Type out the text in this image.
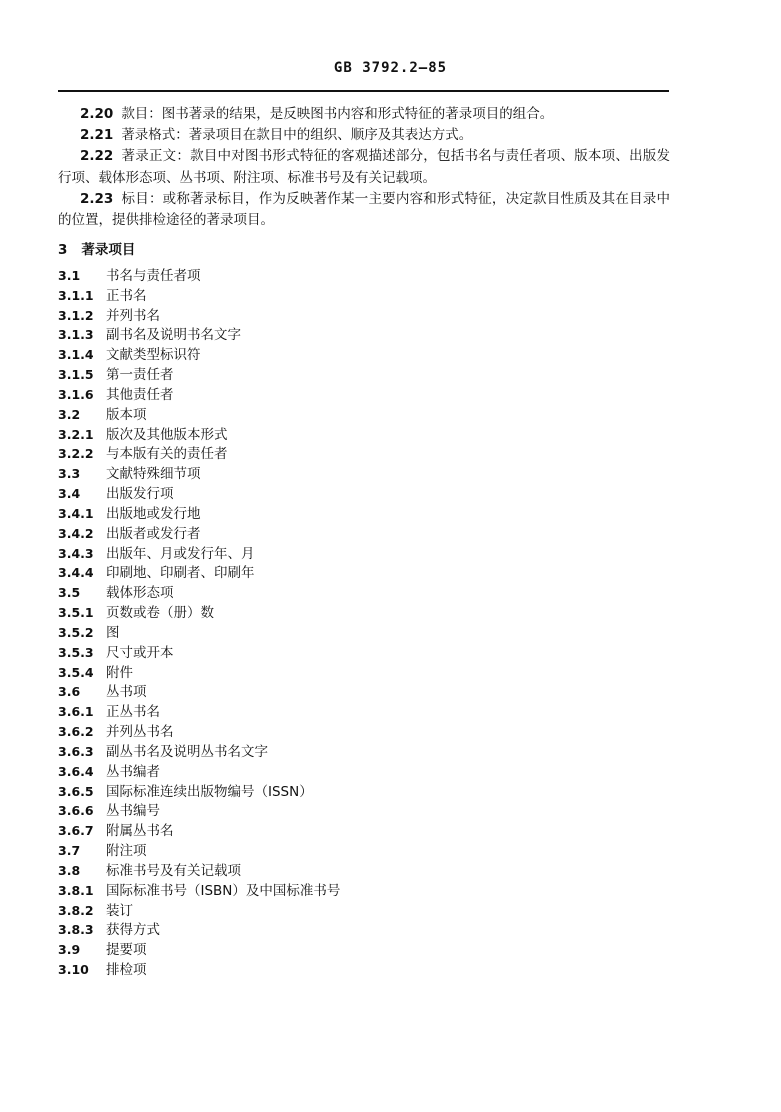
GB 3792.2—85

2.20 款目：图书著录的结果，是反映图书内容和形式特征的著录项目的组合。

2.21 著录格式：著录项目在款目中的组织、顺序及其表达方式。

2.22 著录正文：款目中对图书形式特征的客观描述部分，包括书名与责任者项、版本项、出版发行项、载体形态项、丛书项、附注项、标准书号及有关记载项。

2.23 标目：或称著录标目，作为反映著作某一主要内容和形式特征，决定款目性质及其在目录中的位置，提供排检途径的著录项目。

3 著录项目
3.1 书名与责任者项
3.1.1 正书名
3.1.2 并列书名
3.1.3 副书名及说明书名文字
3.1.4 文献类型标识符
3.1.5 第一责任者
3.1.6 其他责任者
3.2 版本项
3.2.1 版次及其他版本形式
3.2.2 与本版有关的责任者
3.3 文献特殊细节项
3.4 出版发行项
3.4.1 出版地或发行地
3.4.2 出版者或发行者
3.4.3 出版年、月或发行年、月
3.4.4 印刷地、印刷者、印刷年
3.5 载体形态项
3.5.1 页数或卷（册）数
3.5.2 图
3.5.3 尺寸或开本
3.5.4 附件
3.6 丛书项
3.6.1 正丛书名
3.6.2 并列丛书名
3.6.3 副丛书名及说明丛书名文字
3.6.4 丛书编者
3.6.5 国际标准连续出版物编号（ISSN）
3.6.6 丛书编号
3.6.7 附属丛书名
3.7 附注项
3.8 标准书号及有关记载项
3.8.1 国际标准书号（ISBN）及中国标准书号
3.8.2 装订
3.8.3 获得方式
3.9 提要项
3.10 排检项
